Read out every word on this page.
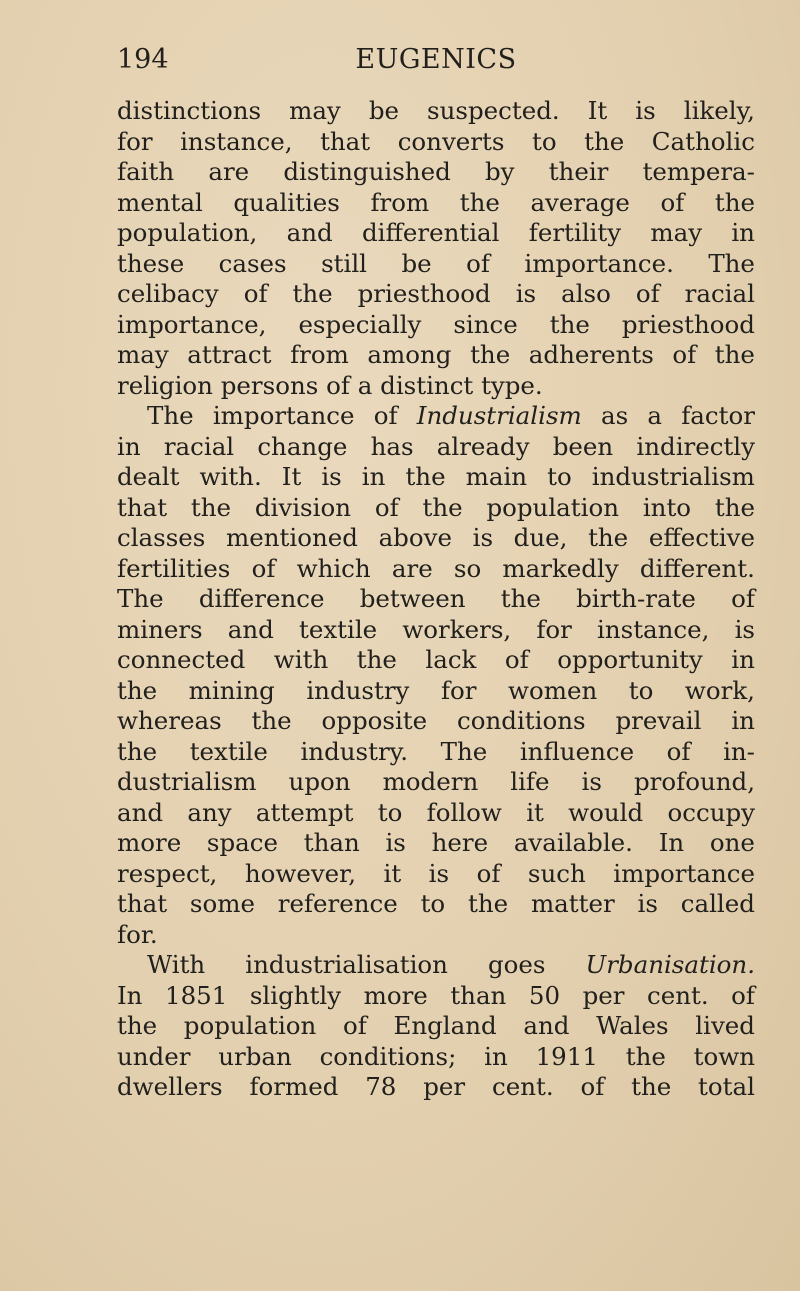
194	EUGENICS
distinctions may be suspected. It is likely,
for instance, that converts to the Catholic
faith are distinguished by their tempera-
mental qualities from the average of the
population, and differential fertility may in
these cases still be of importance. The
celibacy of the priesthood is also of racial
importance, especially since the priesthood
may attract from among the adherents of the
religion
persons
of
a
distinct
type.
The importance of Industrialism as a factor
in racial change has already been indirectly
dealt with. It is in the main to industrialism
that the division of the population into the
classes mentioned above is due, the effective
fertilities of which are so markedly different.
The difference between the birth-rate of
miners and textile workers, for instance, is
connected with the lack of opportunity in
the mining industry for women to work,
whereas the opposite conditions prevail in
the textile industry. The influence of in-
dustrialism upon modern life is profound,
and any attempt to follow it would occupy
more space than is here available. In one
respect, however, it is of such importance
that some reference to the matter is called
for.
With industrialisation goes Urbanisation.
In 1851 slightly more than 50 per cent. of
the population of England and Wales lived
under urban conditions; in 1911 the town
dwellers formed 78 per cent. of the total
